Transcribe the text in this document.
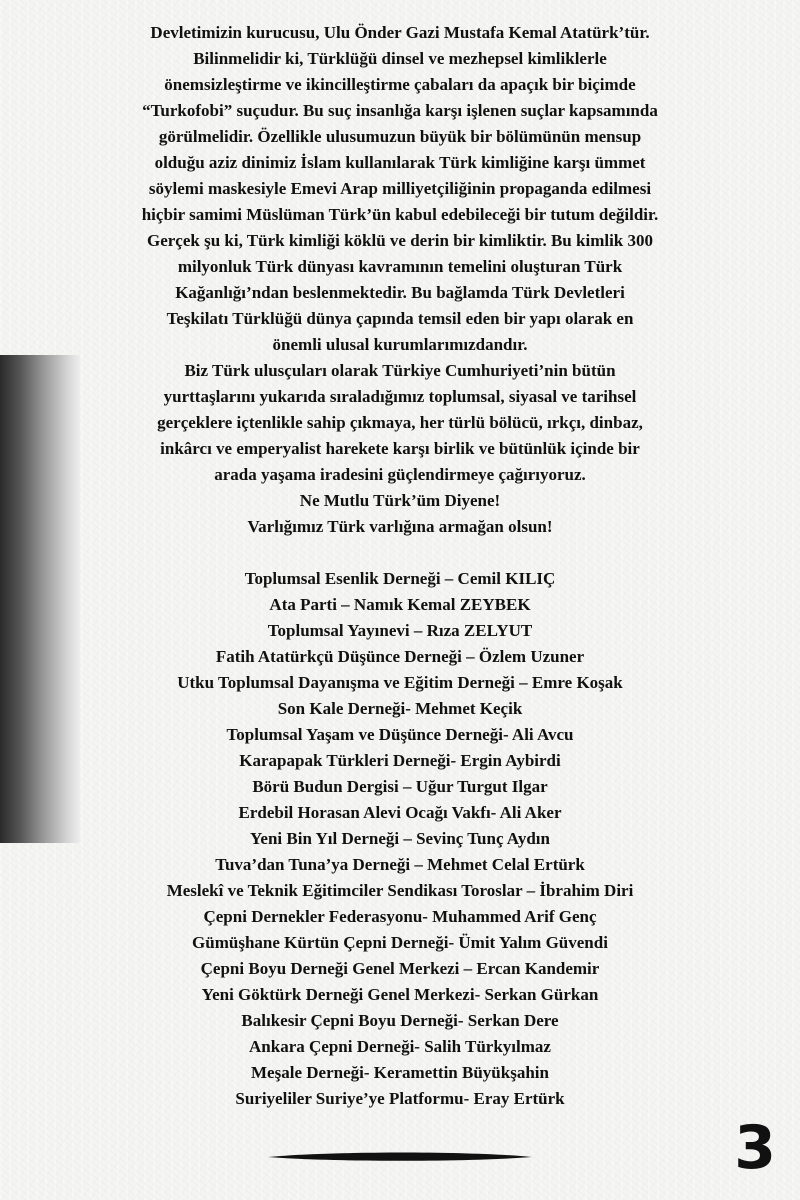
Devletimizin kurucusu, Ulu Önder Gazi Mustafa Kemal Atatürk’tür.
Bilinmelidir ki, Türklüğü dinsel ve mezhepsel kimliklerle
önemsizleştirme ve ikincilleştirme çabaları da apaçık bir biçimde
“Turkofobi” suçudur. Bu suç insanlığa karşı işlenen suçlar kapsamında
görülmelidir. Özellikle ulusumuzun büyük bir bölümünün mensup
olduğu aziz dinimiz İslam kullanılarak Türk kimliğine karşı ümmet
söylemi maskesiyle Emevi Arap milliyetçiliğinin propaganda edilmesi
hiçbir samimi Müslüman Türk’ün kabul edebileceği bir tutum değildir.
Gerçek şu ki, Türk kimliği köklü ve derin bir kimliktir. Bu kimlik 300
milyonluk Türk dünyası kavramının temelini oluşturan Türk
Kağanlığı’ndan beslenmektedir. Bu bağlamda Türk Devletleri
Teşkilatı Türklüğü dünya çapında temsil eden bir yapı olarak en
önemli ulusal kurumlarımızdandır.
Biz Türk ulusçuları olarak Türkiye Cumhuriyeti’nin bütün
yurttaşlarını yukarıda sıraladığımız toplumsal, siyasal ve tarihsel
gerçeklere içtenlikle sahip çıkmaya, her türlü bölücü, ırkçı, dinbaz,
inkârcı ve emperyalist harekete karşı birlik ve bütünlük içinde bir
arada yaşama iradesini güçlendirmeye çağırıyoruz.
Ne Mutlu Türk’üm Diyene!
Varlığımız Türk varlığına armağan olsun!
Toplumsal Esenlik Derneği – Cemil KILIÇ
Ata Parti – Namık Kemal ZEYBEK
Toplumsal Yayınevi – Rıza ZELYUT
Fatih Atatürkçü Düşünce Derneği – Özlem Uzuner
Utku Toplumsal Dayanışma ve Eğitim Derneği – Emre Koşak
Son Kale Derneği- Mehmet Keçik
Toplumsal Yaşam ve Düşünce Derneği- Ali Avcu
Karapapak Türkleri Derneği- Ergin Aybirdi
Börü Budun Dergisi – Uğur Turgut Ilgar
Erdebil Horasan Alevi Ocağı Vakfı- Ali Aker
Yeni Bin Yıl Derneği – Sevinç Tunç Aydın
Tuva’dan Tuna’ya Derneği – Mehmet Celal Ertürk
Meslekî ve Teknik Eğitimciler Sendikası Toroslar – İbrahim Diri
Çepni Dernekler Federasyonu- Muhammed Arif Genç
Gümüşhane Kürtün Çepni Derneği- Ümit Yalım Güvendi
Çepni Boyu Derneği Genel Merkezi – Ercan Kandemir
Yeni Göktürk Derneği Genel Merkezi- Serkan Gürkan
Balıkesir Çepni Boyu Derneği- Serkan Dere
Ankara Çepni Derneği- Salih Türkyılmaz
Meşale Derneği- Keramettin Büyükşahin
Suriyeliler Suriye’ye Platformu- Eray Ertürk
3
